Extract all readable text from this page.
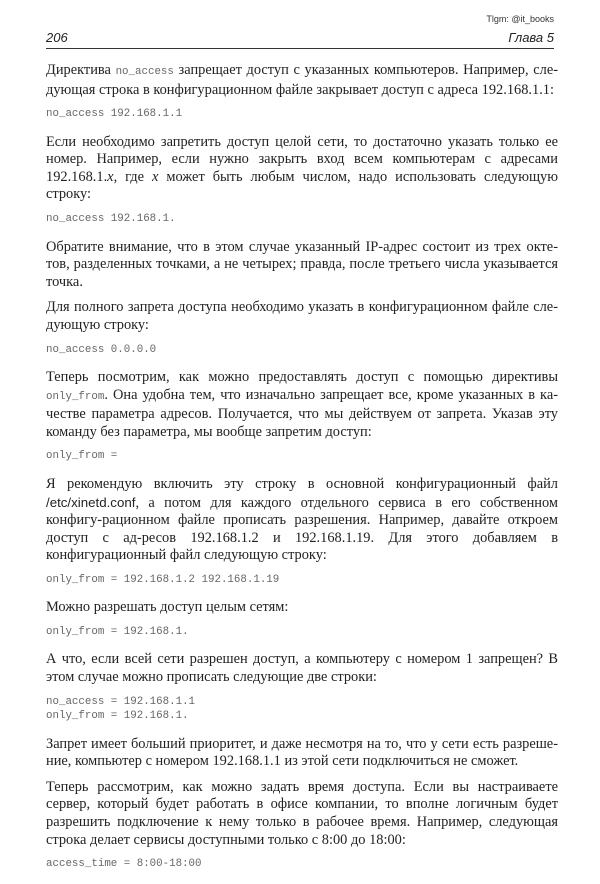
Tlgm: @it_books
206	Глава 5

Директива no_access запрещает доступ с указанных компьютеров. Например, сле-дующая строка в конфигурационном файле закрывает доступ с адреса 192.168.1.1:

no_access 192.168.1.1

Если необходимо запретить доступ целой сети, то достаточно указать только ее номер. Например, если нужно закрыть вход всем компьютерам с адресами 192.168.1.x, где x может быть любым числом, надо использовать следующую строку:

no_access 192.168.1.

Обратите внимание, что в этом случае указанный IP-адрес состоит из трех окте-тов, разделенных точками, а не четырех; правда, после третьего числа указывается точка.

Для полного запрета доступа необходимо указать в конфигурационном файле сле-дующую строку:

no_access 0.0.0.0

Теперь посмотрим, как можно предоставлять доступ с помощью директивы only_from. Она удобна тем, что изначально запрещает все, кроме указанных в ка-честве параметра адресов. Получается, что мы действуем от запрета. Указав эту команду без параметра, мы вообще запретим доступ:

only_from =

Я рекомендую включить эту строку в основной конфигурационный файл /etc/xinetd.conf, а потом для каждого отдельного сервиса в его собственном конфигу-рационном файле прописать разрешения. Например, давайте откроем доступ с ад-ресов 192.168.1.2 и 192.168.1.19. Для этого добавляем в конфигурационный файл следующую строку:

only_from = 192.168.1.2 192.168.1.19

Можно разрешать доступ целым сетям:

only_from = 192.168.1.

А что, если всей сети разрешен доступ, а компьютеру с номером 1 запрещен? В этом случае можно прописать следующие две строки:

no_access = 192.168.1.1
only_from = 192.168.1.

Запрет имеет больший приоритет, и даже несмотря на то, что у сети есть разреше-ние, компьютер с номером 192.168.1.1 из этой сети подключиться не сможет.

Теперь рассмотрим, как можно задать время доступа. Если вы настраиваете сервер, который будет работать в офисе компании, то вполне логичным будет разрешить подключение к нему только в рабочее время. Например, следующая строка делает сервисы доступными только с 8:00 до 18:00:

access_time = 8:00-18:00
